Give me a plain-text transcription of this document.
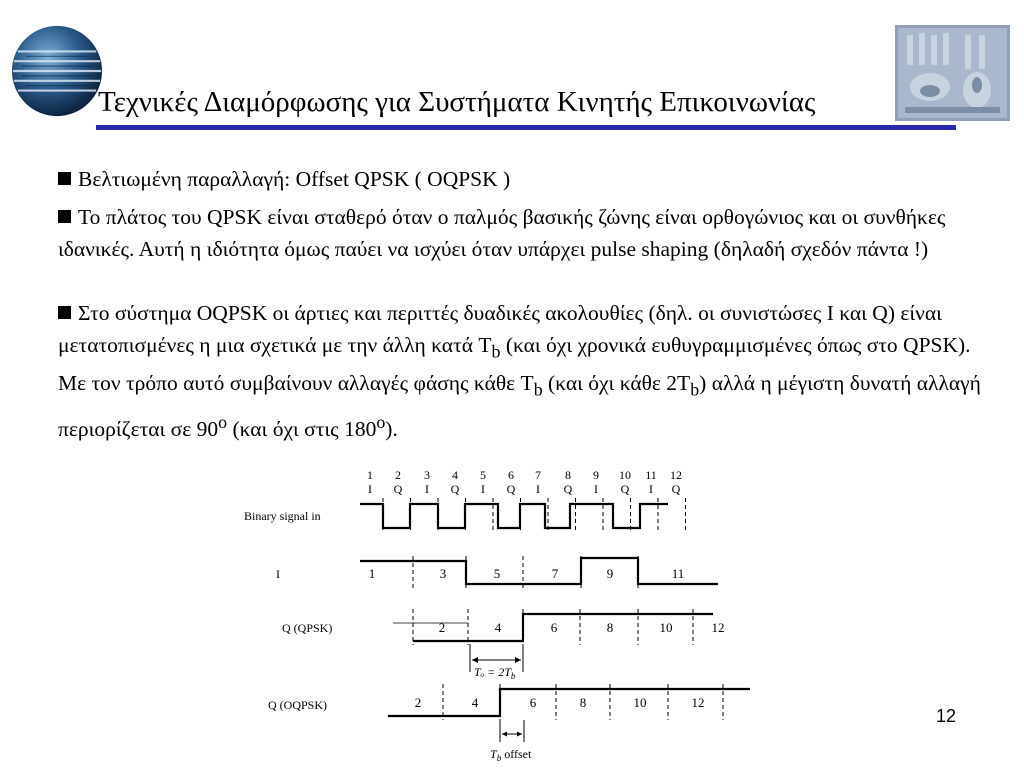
Τεχνικές Διαμόρφωσης για Συστήματα Κινητής Επικοινωνίας
Βελτιωμένη παραλλαγή: Offset QPSK ( OQPSK )
Το πλάτος του QPSK είναι σταθερό όταν ο παλμός βασικής ζώνης είναι ορθογώνιος και οι συνθήκες ιδανικές. Αυτή η ιδιότητα όμως παύει να ισχύει όταν υπάρχει pulse shaping (δηλαδή σχεδόν πάντα !)
Στο σύστημα OQPSK οι άρτιες και περιττές δυαδικές ακολουθίες (δηλ. οι συνιστώσες I και Q) είναι μετατοπισμένες η μια σχετικά με την άλλη κατά $T_b$ (και όχι χρονικά ευθυγραμμισμένες όπως στο QPSK). Με τον τρόπο αυτό συμβαίνουν αλλαγές φάσης κάθε $T_b$ (και όχι κάθε $2T_b$) αλλά η μέγιστη δυνατή αλλαγή περιορίζεται σε $90^o$ (και όχι στις $180^o$).
1 2 3 4 5 6 7 8 9 10 11 12
I Q I Q I Q I Q I Q I Q
Binary signal in
I
Q (QPSK)
Q (OQPSK)
1	3	5	7	9	11
2	4	6	8	10	12
2	4	6	8	10	12
$T_o = 2T_b$
$T_b$ offset
12
